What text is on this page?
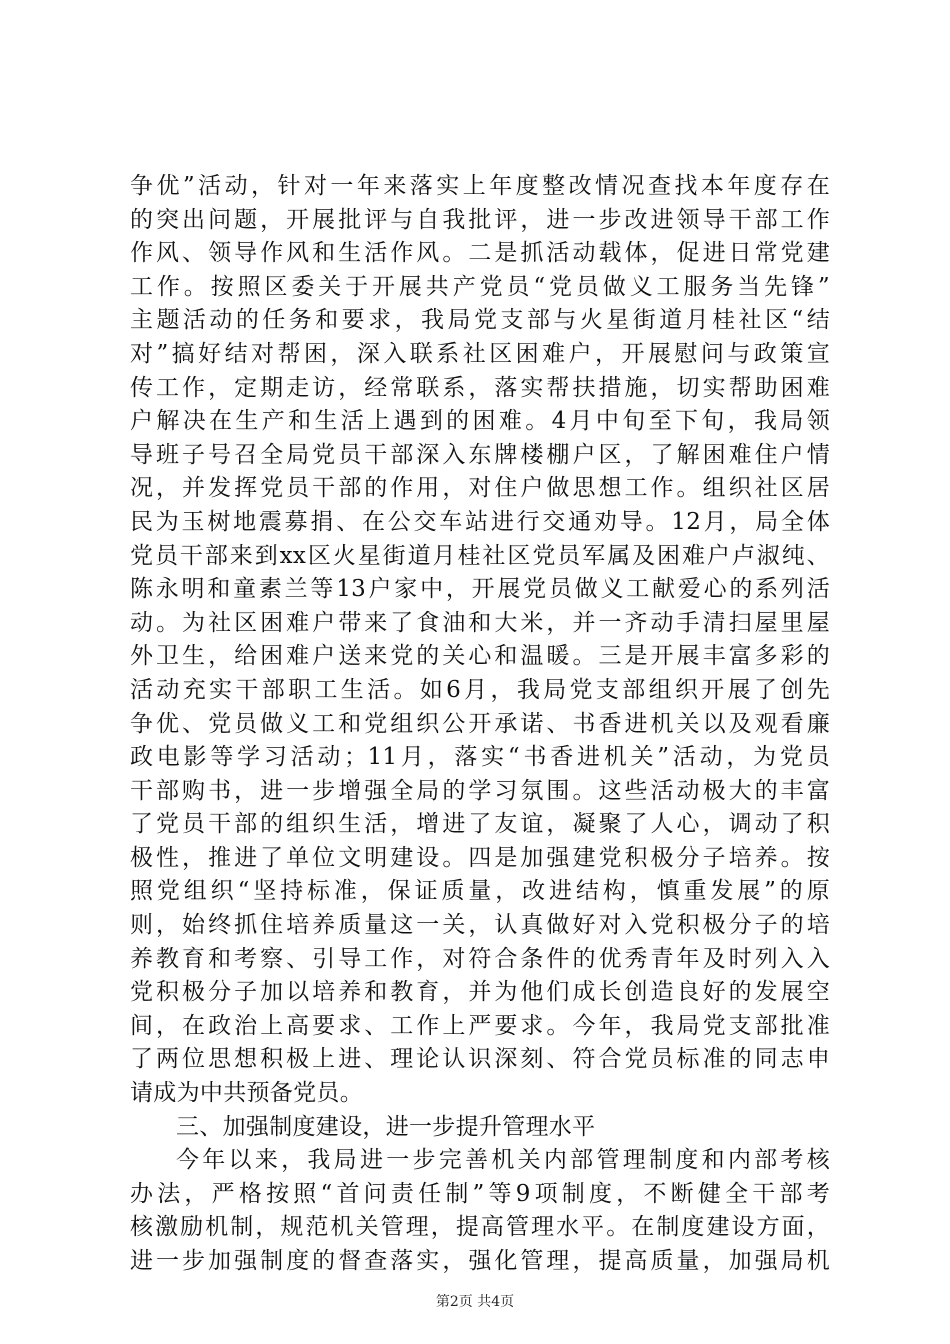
争优”活动，针对一年来落实上年度整改情况查找本年度存在
的突出问题，开展批评与自我批评，进一步改进领导干部工作
作风、领导作风和生活作风。二是抓活动载体，促进日常党建
工作。按照区委关于开展共产党员“党员做义工服务当先锋”
主题活动的任务和要求，我局党支部与火星街道月桂社区“结
对”搞好结对帮困，深入联系社区困难户，开展慰问与政策宣
传工作，定期走访，经常联系，落实帮扶措施，切实帮助困难
户解决在生产和生活上遇到的困难。4月中旬至下旬，我局领
导班子号召全局党员干部深入东牌楼棚户区，了解困难住户情
况，并发挥党员干部的作用，对住户做思想工作。组织社区居
民为玉树地震募捐、在公交车站进行交通劝导。12月，局全体
党员干部来到xx区火星街道月桂社区党员军属及困难户卢淑纯、
陈永明和童素兰等13户家中，开展党员做义工献爱心的系列活
动。为社区困难户带来了食油和大米，并一齐动手清扫屋里屋
外卫生，给困难户送来党的关心和温暖。三是开展丰富多彩的
活动充实干部职工生活。如6月，我局党支部组织开展了创先
争优、党员做义工和党组织公开承诺、书香进机关以及观看廉
政电影等学习活动；11月，落实“书香进机关”活动，为党员
干部购书，进一步增强全局的学习氛围。这些活动极大的丰富
了党员干部的组织生活，增进了友谊，凝聚了人心，调动了积
极性，推进了单位文明建设。四是加强建党积极分子培养。按
照党组织“坚持标准，保证质量，改进结构，慎重发展”的原
则，始终抓住培养质量这一关，认真做好对入党积极分子的培
养教育和考察、引导工作，对符合条件的优秀青年及时列入入
党积极分子加以培养和教育，并为他们成长创造良好的发展空
间，在政治上高要求、工作上严要求。今年，我局党支部批准
了两位思想积极上进、理论认识深刻、符合党员标准的同志申
请成为中共预备党员。
三、加强制度建设，进一步提升管理水平
今年以来，我局进一步完善机关内部管理制度和内部考核
办法，严格按照“首问责任制”等9项制度，不断健全干部考
核激励机制，规范机关管理，提高管理水平。在制度建设方面，
进一步加强制度的督查落实，强化管理，提高质量，加强局机
第2页 共4页
